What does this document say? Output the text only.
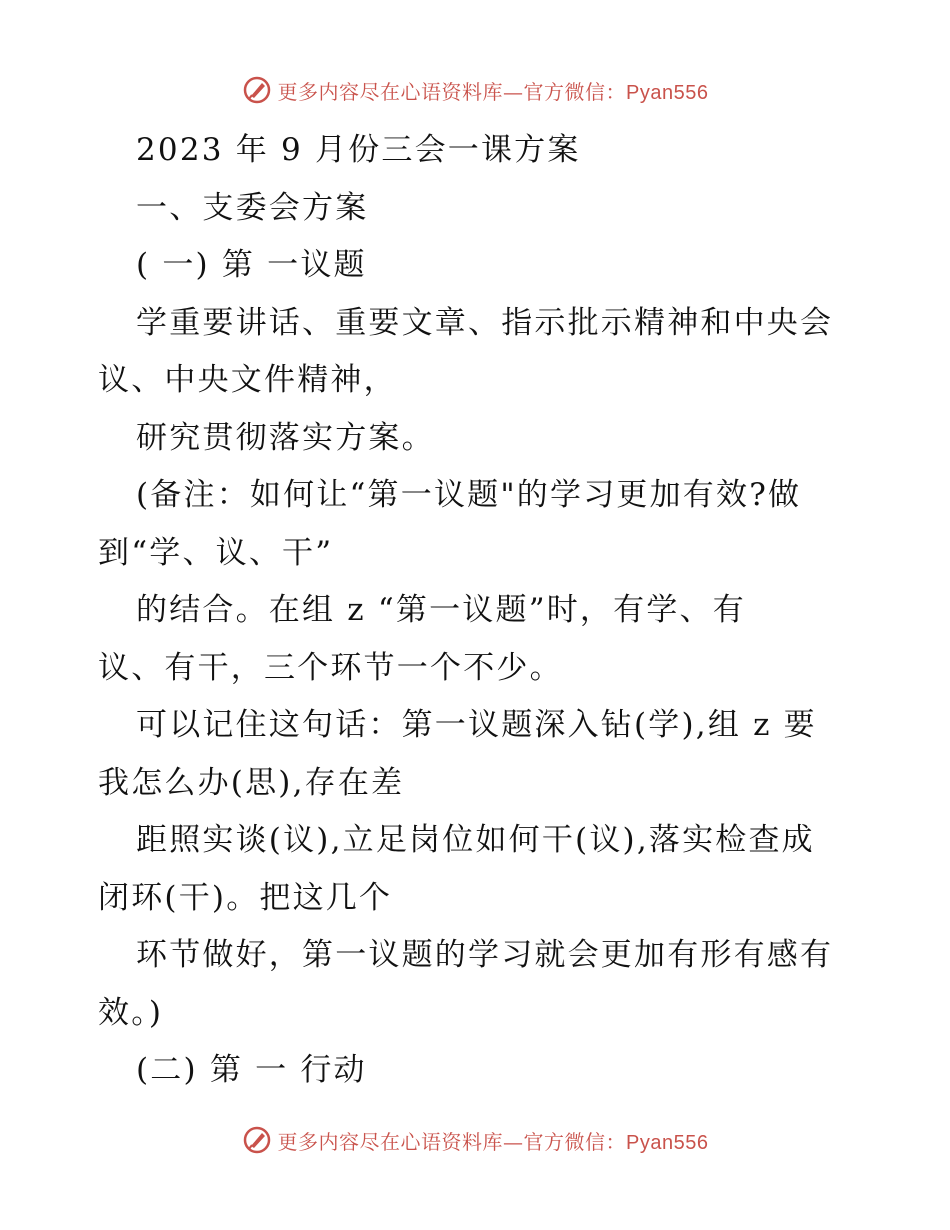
更多内容尽在心语资料库—官方微信：Pyan556
2023 年 9 月份三会一课方案
一、支委会方案
( 一) 第 一议题
学重要讲话、重要文章、指示批示精神和中央会
议、中央文件精神，
研究贯彻落实方案。
(备注：如何让“第一议题"的学习更加有效?做
到“学、议、干”
的结合。在组 z “第一议题”时，有学、有
议、有干，三个环节一个不少。
可以记住这句话：第一议题深入钻(学),组 z 要
我怎么办(思),存在差
距照实谈(议),立足岗位如何干(议),落实检查成
闭环(干)。把这几个
环节做好，第一议题的学习就会更加有形有感有
效。)
(二) 第 一 行动
更多内容尽在心语资料库—官方微信：Pyan556
